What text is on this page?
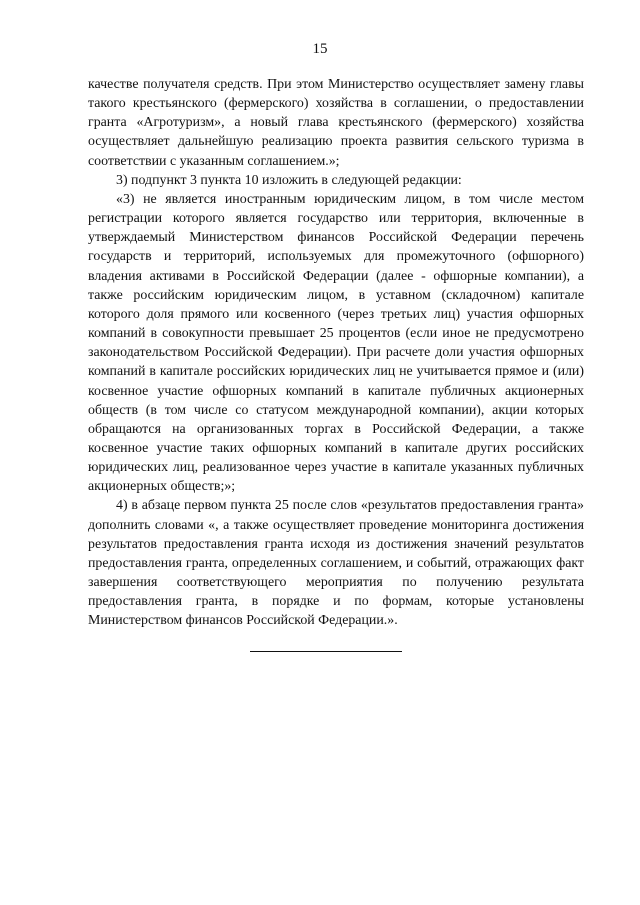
15

качестве получателя средств. При этом Министерство осуществляет замену главы такого крестьянского (фермерского) хозяйства в соглашении, о предоставлении гранта «Агротуризм», а новый глава крестьянского (фермерского) хозяйства осуществляет дальнейшую реализацию проекта развития сельского туризма в соответствии с указанным соглашением.»;

3) подпункт 3 пункта 10 изложить в следующей редакции:

«3) не является иностранным юридическим лицом, в том числе местом регистрации которого является государство или территория, включенные в утверждаемый Министерством финансов Российской Федерации перечень государств и территорий, используемых для промежуточного (офшорного) владения активами в Российской Федерации (далее - офшорные компании), а также российским юридическим лицом, в уставном (складочном) капитале которого доля прямого или косвенного (через третьих лиц) участия офшорных компаний в совокупности превышает 25 процентов (если иное не предусмотрено законодательством Российской Федерации). При расчете доли участия офшорных компаний в капитале российских юридических лиц не учитывается прямое и (или) косвенное участие офшорных компаний в капитале публичных акционерных обществ (в том числе со статусом международной компании), акции которых обращаются на организованных торгах в Российской Федерации, а также косвенное участие таких офшорных компаний в капитале других российских юридических лиц, реализованное через участие в капитале указанных публичных акционерных обществ;»;

4) в абзаце первом пункта 25 после слов «результатов предоставления гранта» дополнить словами «, а также осуществляет проведение мониторинга достижения результатов предоставления гранта исходя из достижения значений результатов предоставления гранта, определенных соглашением, и событий, отражающих факт завершения соответствующего мероприятия по получению результата предоставления гранта, в порядке и по формам, которые установлены Министерством финансов Российской Федерации.».
